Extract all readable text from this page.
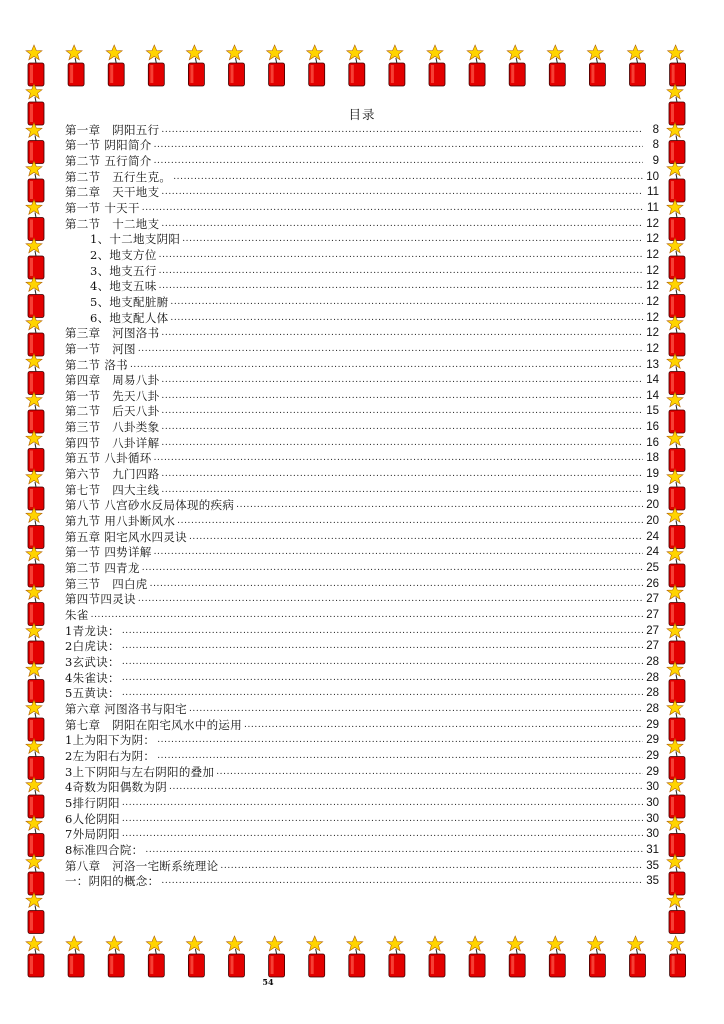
目录
第一章　阴阳五行 .....	8
第一节 阴阳简介 .....	8
第二节 五行简介 .....	9
第二节　五行生克。 .....	10
第二章　天干地支 .....	11
第一节 十天干 .....	11
第二节　十二地支 .....	12
1、十二地支阴阳 .....	12
2、地支方位 .....	12
3、地支五行 .....	12
4、地支五味 .....	12
5、地支配脏腑 .....	12
6、地支配人体 .....	12
第三章　河图洛书 .....	12
第一节　河图 .....	12
第二节 洛书 .....	13
第四章　周易八卦 .....	14
第一节　先天八卦 .....	14
第二节　后天八卦 .....	15
第三节　八卦类象 .....	16
第四节　八卦详解 .....	16
第五节 八卦循环 .....	18
第六节　九门四路 .....	19
第七节　四大主线 .....	19
第八节 八宫砂水反局体现的疾病 .....	20
第九节 用八卦断风水 .....	20
第五章 阳宅风水四灵诀 .....	24
第一节 四势详解 .....	24
第二节 四青龙 .....	25
第三节　四白虎 .....	26
第四节四灵诀 .....	27
朱雀 .....	27
1青龙诀： .....	27
2白虎诀： .....	27
3玄武诀： .....	28
4朱雀诀： .....	28
5五黄诀： .....	28
第六章 河图洛书与阳宅 .....	28
第七章　阴阳在阳宅风水中的运用 .....	29
1上为阳下为阴： .....	29
2左为阳右为阴： .....	29
3上下阴阳与左右阴阳的叠加 .....	29
4奇数为阳偶数为阴 .....	30
5排行阴阳 .....	30
6人伦阴阳 .....	30
7外局阴阳 .....	30
8标准四合院： .....	31
第八章　河洛一宅断系统理论 .....	35
一：阴阳的概念： .....	35
54
